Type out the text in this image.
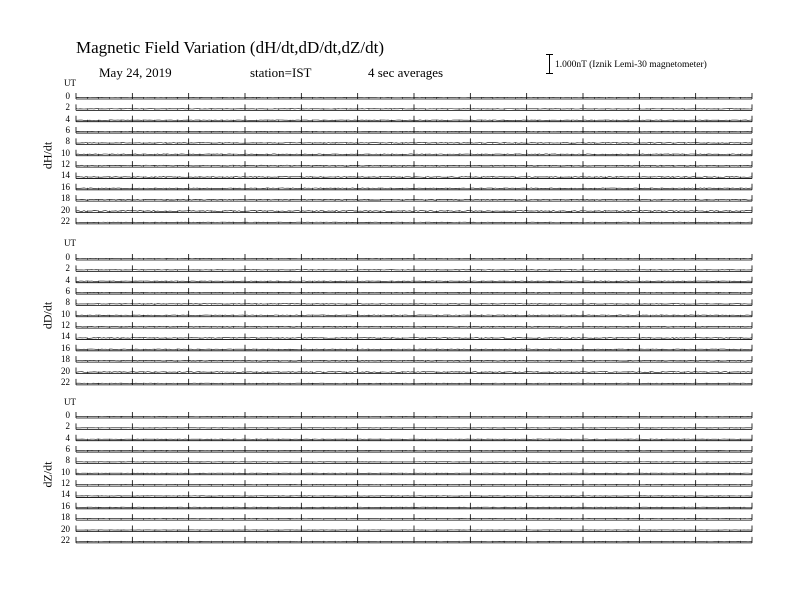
Magnetic Field Variation (dH/dt,dD/dt,dZ/dt)
May 24, 2019	station=IST	4 sec averages	1.000nT (Iznik Lemi-30 magnetometer)
UT
dH/dt
0
2
4
6
8
10
12
14
16
18
20
22
UT
dD/dt
0
2
4
6
8
10
12
14
16
18
20
22
UT
dZ/dt
0
2
4
6
8
10
12
14
16
18
20
22
